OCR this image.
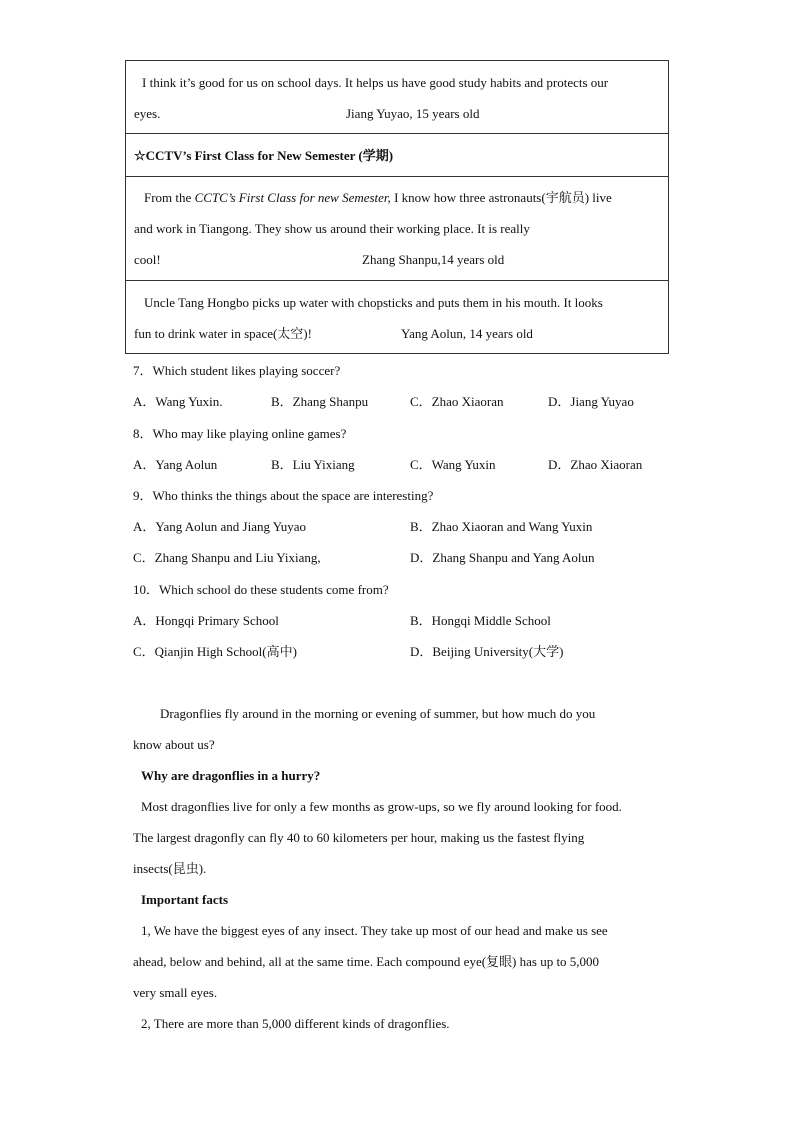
I think it’s good for us on school days. It helps us have good study habits and protects our
eyes.	Jiang Yuyao, 15 years old

☆CCTV’s First Class for New Semester (学期)

From the CCTC’s First Class for new Semester, I know how three astronauts(宇航员) live
and work in Tiangong. They show us around their working place. It is really
cool!	Zhang Shanpu,14 years old

Uncle Tang Hongbo picks up water with chopsticks and puts them in his mouth. It looks
fun to drink water in space(太空)!	Yang Aolun, 14 years old
7．Which student likes playing soccer?
A．Wang Yuxin.	B．Zhang Shanpu	C．Zhao Xiaoran	D．Jiang Yuyao
8．Who may like playing online games?
A．Yang Aolun	B．Liu Yixiang	C．Wang Yuxin	D．Zhao Xiaoran
9．Who thinks the things about the space are interesting?
A．Yang Aolun and Jiang Yuyao	B．Zhao Xiaoran and Wang Yuxin
C．Zhang Shanpu and Liu Yixiang,	D．Zhang Shanpu and Yang Aolun
10．Which school do these students come from?
A．Hongqi Primary School	B．Hongqi Middle School
C．Qianjin High School(高中)	D．Beijing University(大学)
Dragonflies fly around in the morning or evening of summer, but how much do you
know about us?
Why are dragonflies in a hurry?
Most dragonflies live for only a few months as grow-ups, so we fly around looking for food.
The largest dragonfly can fly 40 to 60 kilometers per hour, making us the fastest flying
insects(昆虫).
Important facts
1, We have the biggest eyes of any insect. They take up most of our head and make us see
ahead, below and behind, all at the same time. Each compound eye(复眼) has up to 5,000
very small eyes.
2, There are more than 5,000 different kinds of dragonflies.
